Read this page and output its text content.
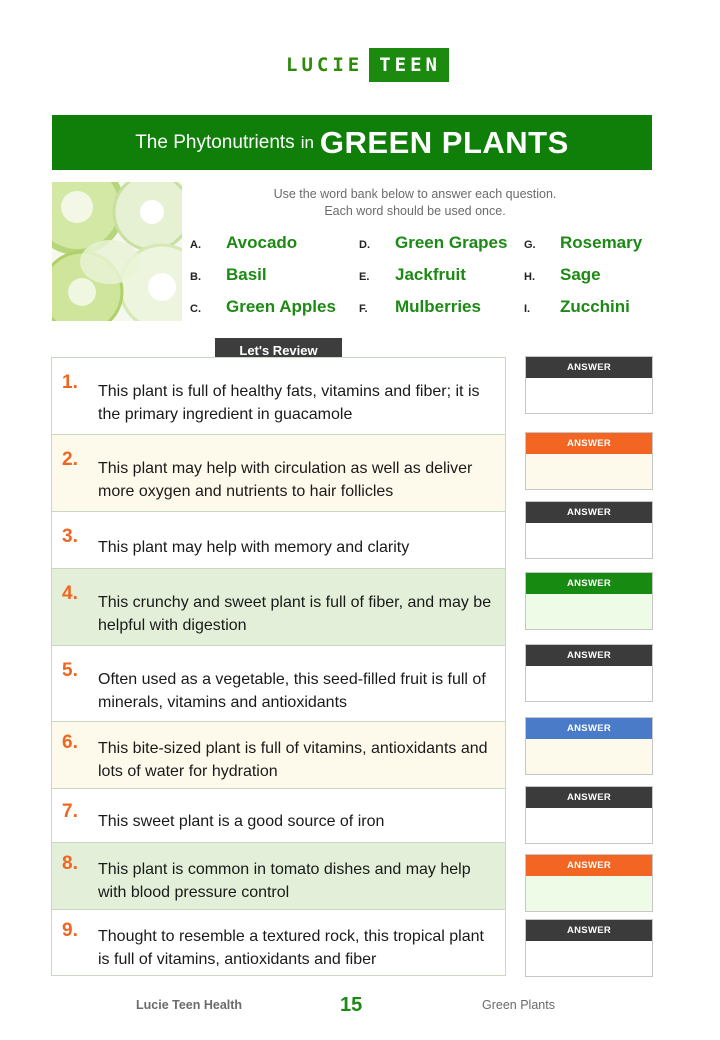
LUCIE TEEN
The Phytonutrients in GREEN PLANTS
Use the word bank below to answer each question.
Each word should be used once.
A.	Avocado
B.	Basil
C.	Green Apples
D.	Green Grapes
E.	Jackfruit
F.	Mulberries
G.	Rosemary
H.	Sage
I.	Zucchini
Let's Review
1.	This plant is full of healthy fats, vitamins and fiber; it is the primary ingredient in guacamole
2.	This plant may help with circulation as well as deliver more oxygen and nutrients to hair follicles
3.	This plant may help with memory and clarity
4.	This crunchy and sweet plant is full of fiber, and may be helpful with digestion
5.	Often used as a vegetable, this seed-filled fruit is full of minerals, vitamins and antioxidants
6.	This bite-sized plant is full of vitamins, antioxidants and lots of water for hydration
7.	This sweet plant is a good source of iron
8.	This plant is common in tomato dishes and may help with blood pressure control
9.	Thought to resemble a textured rock, this tropical plant is full of vitamins, antioxidants and fiber
ANSWER
ANSWER
ANSWER
ANSWER
ANSWER
ANSWER
ANSWER
ANSWER
ANSWER
Lucie Teen Health	15	Green Plants
